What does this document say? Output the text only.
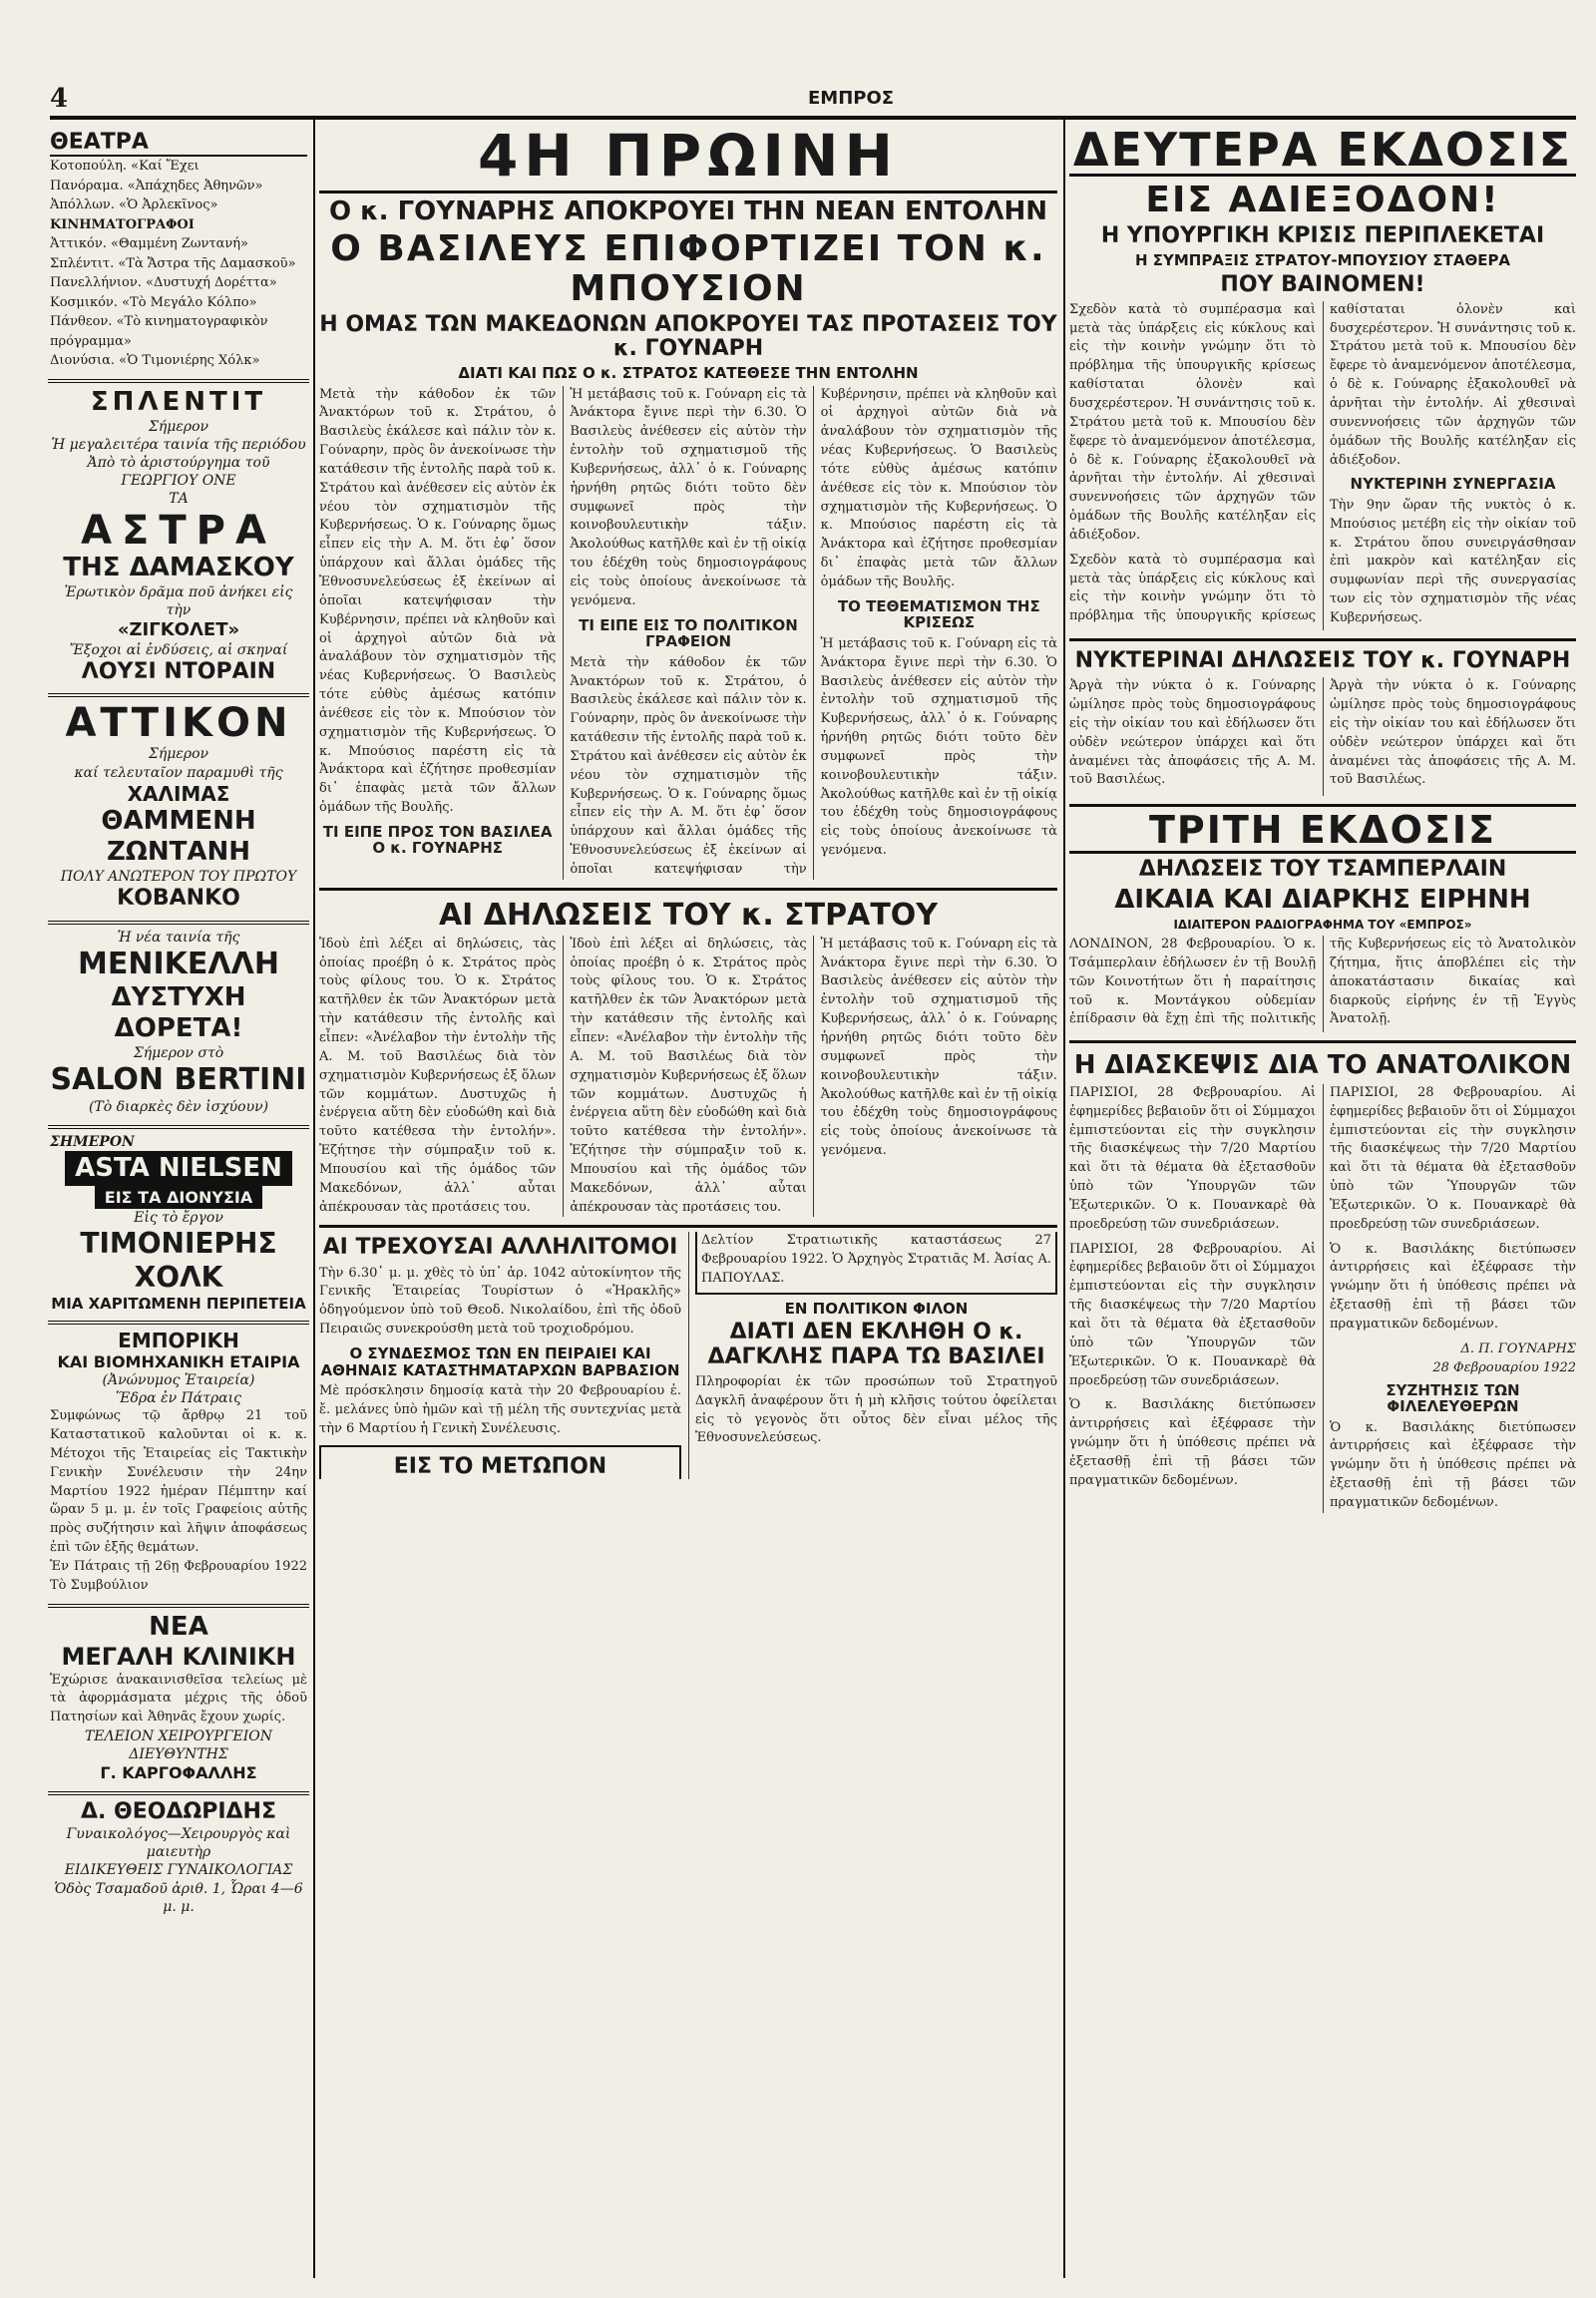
4	ΕΜΠΡΟΣ
ΘΕΑΤΡΑ
Κοτοπούλη. «Καί Ἔχει
Πανόραμα. «Ἀπάχηδες Ἀθηνῶν»
Ἀπόλλων. «Ὁ Ἀρλεκῖνος»
ΚΙΝΗΜΑΤΟΓΡΑΦΟΙ
Ἀττικόν. «Θαμμένη Ζωντανή»
Σπλέντιτ. «Τὰ Ἄστρα τῆς Δαμασκοῦ»
Πανελλήνιον. «Δυστυχή Δορέττα»
Κοσμικόν. «Τὸ Μεγάλο Κόλπο»
Πάνθεον. «Τὸ κινηματογραφικὸν πρόγραμμα»
Διονύσια. «Ὁ Τιμονιέρης Χόλκ»
ΣΠΛΕΝΤΙΤ
Σήμερον
Ἡ μεγαλειτέρα ταινία τῆς περιόδου Ἀπὸ τὸ ἀριστούργημα τοῦ ΓΕΩΡΓΙΟΥ ΟΝΕ
ΤΑ
ΑΣΤΡΑ
ΤΗΣ ΔΑΜΑΣΚΟΥ
Ἐρωτικὸν δρᾶμα ποῦ ἀνήκει εἰς τὴν
«ΖΙΓΚΟΛΕΤ»
Ἔξοχοι αἱ ἐνδύσεις, αἱ σκηναί
ΛΟΥΣΙ ΝΤΟΡΑΙΝ
ΑΤΤΙΚΟΝ
Σήμερον
καί τελευταῖον παραμυθὶ τῆς
ΧΑΛΙΜΑΣ
ΘΑΜΜΕΝΗ ΖΩΝΤΑΝΗ
ΠΟΛΥ ΑΝΩΤΕΡΟΝ ΤΟΥ ΠΡΩΤΟΥ
ΚΟΒΑΝΚΟ
Ἡ νέα ταινία τῆς
ΜΕΝΙΚΕΛΛΗ
ΔΥΣΤΥΧΗ ΔΟΡΕΤΑ!
Σήμερον στὸ
SALON BERTINI
(Τὸ διαρκὲς δὲν ἰσχύουν)
ΣΗΜΕΡΟΝ
ASTA NIELSEN
ΕΙΣ ΤΑ ΔΙΟΝΥΣΙΑ
Εἰς τὸ ἔργον
ΤΙΜΟΝΙΕΡΗΣ ΧΟΛΚ
ΜΙΑ ΧΑΡΙΤΩΜΕΝΗ ΠΕΡΙΠΕΤΕΙΑ
ΕΜΠΟΡΙΚΗ
ΚΑΙ ΒΙΟΜΗΧΑΝΙΚΗ ΕΤΑΙΡΙΑ
(Ἀνώνυμος Ἑταιρεία)
Ἕδρα ἐν Πάτραις
Συμφώνως τῷ ἄρθρῳ 21 τοῦ Καταστατικοῦ καλοῦνται οἱ κ. κ. Μέτοχοι τῆς Ἑταιρείας εἰς Τακτικὴν Γενικὴν Συνέλευσιν τὴν 24ην Μαρτίου 1922 ἡμέραν Πέμπτην καί ὥραν 5 μ. μ. ἐν τοῖς Γραφείοις αὐτῆς πρὸς συζήτησιν καὶ λῆψιν ἀποφάσεως ἐπὶ τῶν ἑξῆς θεμάτων.
Ἐν Πάτραις τῇ 26ῃ Φεβρουαρίου 1922 Τὸ Συμβούλιον
ΝΕΑ
ΜΕΓΑΛΗ ΚΛΙΝΙΚΗ
Ἐχώρισε ἀνακαινισθεῖσα τελείως μὲ τὰ ἀφορμάσματα μέχρις τῆς ὁδοῦ Πατησίων καὶ Ἀθηνᾶς ἔχουν χωρίς.
ΤΕΛΕΙΟΝ ΧΕΙΡΟΥΡΓΕΙΟΝ
ΔΙΕΥΘΥΝΤΗΣ
Γ. ΚΑΡΓΟΦΑΛΛΗΣ
Δ. ΘΕΟΔΩΡΙΔΗΣ
Γυναικολόγος—Χειρουργὸς καὶ μαιευτὴρ
ΕΙΔΙΚΕΥΘΕΙΣ ΓΥΝΑΙΚΟΛΟΓΙΑΣ
Ὁδὸς Τσαμαδοῦ ἀριθ. 1, Ὧραι 4—6 μ. μ.
4Η ΠΡΩΙΝΗ
Ο κ. ΓΟΥΝΑΡΗΣ ΑΠΟΚΡΟΥΕΙ ΤΗΝ ΝΕΑΝ ΕΝΤΟΛΗΝ
Ο ΒΑΣΙΛΕΥΣ ΕΠΙΦΟΡΤΙΖΕΙ ΤΟΝ κ. ΜΠΟΥΣΙΟΝ
Η ΟΜΑΣ ΤΩΝ ΜΑΚΕΔΟΝΩΝ ΑΠΟΚΡΟΥΕΙ ΤΑΣ ΠΡΟΤΑΣΕΙΣ ΤΟΥ κ. ΓΟΥΝΑΡΗ
ΔΙΑΤΙ ΚΑΙ ΠΩΣ Ο κ. ΣΤΡΑΤΟΣ ΚΑΤΕΘΕΣΕ ΤΗΝ ΕΝΤΟΛΗΝ

Μετὰ τὴν κάθοδον ἐκ τῶν Ἀνακτόρων τοῦ κ. Στράτου, ὁ Βασιλεὺς ἐκάλεσε καὶ πάλιν τὸν κ. Γούναρην, πρὸς ὃν ἀνεκοίνωσε τὴν κατάθεσιν τῆς ἐντολῆς παρὰ τοῦ κ. Στράτου καὶ ἀνέθεσεν εἰς αὐτὸν ἐκ νέου τὸν σχηματισμὸν τῆς Κυβερνήσεως. Ὁ κ. Γούναρης ὅμως εἶπεν εἰς τὴν Α. Μ. ὅτι ἐφ᾽ ὅσον ὑπάρχουν καὶ ἄλλαι ὁμάδες τῆς Ἐθνοσυνελεύσεως ἐξ ἐκείνων αἱ ὁποῖαι κατεψήφισαν τὴν Κυβέρνησιν, πρέπει νὰ κληθοῦν καὶ οἱ ἀρχηγοὶ αὐτῶν διὰ νὰ ἀναλάβουν τὸν σχηματισμὸν τῆς νέας Κυβερνήσεως. Ὁ Βασιλεὺς τότε εὐθὺς ἀμέσως κατόπιν ἀνέθεσε εἰς τὸν κ. Μπούσιον τὸν σχηματισμὸν τῆς Κυβερνήσεως. Ὁ κ. Μπούσιος παρέστη εἰς τὰ Ἀνάκτορα καὶ ἐζήτησε προθεσμίαν δι᾽ ἐπαφὰς μετὰ τῶν ἄλλων ὁμάδων τῆς Βουλῆς.

ΤΙ ΕΙΠΕ ΠΡΟΣ ΤΟΝ ΒΑΣΙΛΕΑ Ο κ. ΓΟΥΝΑΡΗΣ

Ἡ μετάβασις τοῦ κ. Γούναρη εἰς τὰ Ἀνάκτορα ἔγινε περὶ τὴν 6.30. Ὁ Βασιλεὺς ἀνέθεσεν εἰς αὐτὸν τὴν ἐντολὴν τοῦ σχηματισμοῦ τῆς Κυβερνήσεως, ἀλλ᾽ ὁ κ. Γούναρης ἠρνήθη ρητῶς διότι τοῦτο δὲν συμφωνεῖ πρὸς τὴν κοινοβουλευτικὴν τάξιν. Ἀκολούθως κατῆλθε καὶ ἐν τῇ οἰκίᾳ του ἐδέχθη τοὺς δημοσιογράφους εἰς τοὺς ὁποίους ἀνεκοίνωσε τὰ γενόμενα.

ΤΙ ΕΙΠΕ ΕΙΣ ΤΟ ΠΟΛΙΤΙΚΟΝ ΓΡΑΦΕΙΟΝ

Μετὰ τὴν κάθοδον ἐκ τῶν Ἀνακτόρων τοῦ κ. Στράτου, ὁ Βασιλεὺς ἐκάλεσε καὶ πάλιν τὸν κ. Γούναρην, πρὸς ὃν ἀνεκοίνωσε τὴν κατάθεσιν τῆς ἐντολῆς παρὰ τοῦ κ. Στράτου καὶ ἀνέθεσεν εἰς αὐτὸν ἐκ νέου τὸν σχηματισμὸν τῆς Κυβερνήσεως. Ὁ κ. Γούναρης ὅμως εἶπεν εἰς τὴν Α. Μ. ὅτι ἐφ᾽ ὅσον ὑπάρχουν καὶ ἄλλαι ὁμάδες τῆς Ἐθνοσυνελεύσεως ἐξ ἐκείνων αἱ ὁποῖαι κατεψήφισαν τὴν Κυβέρνησιν, πρέπει νὰ κληθοῦν καὶ οἱ ἀρχηγοὶ αὐτῶν διὰ νὰ ἀναλάβουν τὸν σχηματισμὸν τῆς νέας Κυβερνήσεως. Ὁ Βασιλεὺς τότε εὐθὺς ἀμέσως κατόπιν ἀνέθεσε εἰς τὸν κ. Μπούσιον τὸν σχηματισμὸν τῆς Κυβερνήσεως. Ὁ κ. Μπούσιος παρέστη εἰς τὰ Ἀνάκτορα καὶ ἐζήτησε προθεσμίαν δι᾽ ἐπαφὰς μετὰ τῶν ἄλλων ὁμάδων τῆς Βουλῆς.

ΤΟ ΤΕΘΕΜΑΤΙΣΜΟΝ ΤΗΣ ΚΡΙΣΕΩΣ

Ἡ μετάβασις τοῦ κ. Γούναρη εἰς τὰ Ἀνάκτορα ἔγινε περὶ τὴν 6.30. Ὁ Βασιλεὺς ἀνέθεσεν εἰς αὐτὸν τὴν ἐντολὴν τοῦ σχηματισμοῦ τῆς Κυβερνήσεως, ἀλλ᾽ ὁ κ. Γούναρης ἠρνήθη ρητῶς διότι τοῦτο δὲν συμφωνεῖ πρὸς τὴν κοινοβουλευτικὴν τάξιν. Ἀκολούθως κατῆλθε καὶ ἐν τῇ οἰκίᾳ του ἐδέχθη τοὺς δημοσιογράφους εἰς τοὺς ὁποίους ἀνεκοίνωσε τὰ γενόμενα.

ΑΙ ΔΗΛΩΣΕΙΣ ΤΟΥ κ. ΣΤΡΑΤΟΥ

Ἰδοὺ ἐπὶ λέξει αἱ δηλώσεις, τὰς ὁποίας προέβη ὁ κ. Στράτος πρὸς τοὺς φίλους του. Ὁ κ. Στράτος κατῆλθεν ἐκ τῶν Ἀνακτόρων μετὰ τὴν κατάθεσιν τῆς ἐντολῆς καὶ εἶπεν: «Ἀνέλαβον τὴν ἐντολὴν τῆς Α. Μ. τοῦ Βασιλέως διὰ τὸν σχηματισμὸν Κυβερνήσεως ἐξ ὅλων τῶν κομμάτων. Δυστυχῶς ἡ ἐνέργεια αὕτη δὲν εὐοδώθη καὶ διὰ τοῦτο κατέθεσα τὴν ἐντολήν». Ἐζήτησε τὴν σύμπραξιν τοῦ κ. Μπουσίου καὶ τῆς ὁμάδος τῶν Μακεδόνων, ἀλλ᾽ αὗται ἀπέκρουσαν τὰς προτάσεις του.

Ἰδοὺ ἐπὶ λέξει αἱ δηλώσεις, τὰς ὁποίας προέβη ὁ κ. Στράτος πρὸς τοὺς φίλους του. Ὁ κ. Στράτος κατῆλθεν ἐκ τῶν Ἀνακτόρων μετὰ τὴν κατάθεσιν τῆς ἐντολῆς καὶ εἶπεν: «Ἀνέλαβον τὴν ἐντολὴν τῆς Α. Μ. τοῦ Βασιλέως διὰ τὸν σχηματισμὸν Κυβερνήσεως ἐξ ὅλων τῶν κομμάτων. Δυστυχῶς ἡ ἐνέργεια αὕτη δὲν εὐοδώθη καὶ διὰ τοῦτο κατέθεσα τὴν ἐντολήν». Ἐζήτησε τὴν σύμπραξιν τοῦ κ. Μπουσίου καὶ τῆς ὁμάδος τῶν Μακεδόνων, ἀλλ᾽ αὗται ἀπέκρουσαν τὰς προτάσεις του.

Ἡ μετάβασις τοῦ κ. Γούναρη εἰς τὰ Ἀνάκτορα ἔγινε περὶ τὴν 6.30. Ὁ Βασιλεὺς ἀνέθεσεν εἰς αὐτὸν τὴν ἐντολὴν τοῦ σχηματισμοῦ τῆς Κυβερνήσεως, ἀλλ᾽ ὁ κ. Γούναρης ἠρνήθη ρητῶς διότι τοῦτο δὲν συμφωνεῖ πρὸς τὴν κοινοβουλευτικὴν τάξιν. Ἀκολούθως κατῆλθε καὶ ἐν τῇ οἰκίᾳ του ἐδέχθη τοὺς δημοσιογράφους εἰς τοὺς ὁποίους ἀνεκοίνωσε τὰ γενόμενα.

ΑΙ ΤΡΕΧΟΥΣΑΙ ΑΛΛΗΛΙΤΟΜΟΙ

Τὴν 6.30᾽ μ. μ. χθὲς τὸ ὑπ᾽ ἀρ. 1042 αὐτοκίνητον τῆς Γενικῆς Ἑταιρείας Τουρίστων ὁ «Ἡρακλῆς» ὁδηγούμενον ὑπὸ τοῦ Θεοδ. Νικολαίδου, ἐπὶ τῆς ὁδοῦ Πειραιῶς συνεκρούσθη μετὰ τοῦ τροχιοδρόμου.

Ο ΣΥΝΔΕΣΜΟΣ ΤΩΝ ΕΝ ΠΕΙΡΑΙΕΙ ΚΑΙ ΑΘΗΝΑΙΣ ΚΑΤΑΣΤΗΜΑΤΑΡΧΩΝ ΒΑΡΒΑΣΙΟΝ

Μὲ πρόσκλησιν δημοσίᾳ κατὰ τὴν 20 Φεβρουαρίου ἐ. ἔ. μελάνες ὑπὸ ἡμῶν καὶ τῇ μέλη τῆς συντεχνίας μετὰ τὴν 6 Μαρτίου ἡ Γενικὴ Συνέλευσις.

ΕΙΣ ΤΟ ΜΕΤΩΠΟΝ

Δελτίον Στρατιωτικῆς καταστάσεως 27 Φεβρουαρίου 1922. Ὁ Ἀρχηγὸς Στρατιᾶς Μ. Ἀσίας Α. ΠΑΠΟΥΛΑΣ.

ΕΝ ΠΟΛΙΤΙΚΟΝ ΦΙΛΟΝ
ΔΙΑΤΙ ΔΕΝ ΕΚΛΗΘΗ Ο κ. ΔΑΓΚΛΗΣ ΠΑΡΑ ΤΩ ΒΑΣΙΛΕΙ

Πληροφορίαι ἐκ τῶν προσώπων τοῦ Στρατηγοῦ Δαγκλῆ ἀναφέρουν ὅτι ἡ μὴ κλῆσις τούτου ὀφείλεται εἰς τὸ γεγονὸς ὅτι οὗτος δὲν εἶναι μέλος τῆς Ἐθνοσυνελεύσεως.

ΔΕΥΤΕΡΑ ΕΚΔΟΣΙΣ
ΕΙΣ ΑΔΙΕΞΟΔΟΝ!
Η ΥΠΟΥΡΓΙΚΗ ΚΡΙΣΙΣ ΠΕΡΙΠΛΕΚΕΤΑΙ
Η ΣΥΜΠΡΑΞΙΣ ΣΤΡΑΤΟΥ-ΜΠΟΥΣΙΟΥ ΣΤΑΘΕΡΑ
ΠΟΥ ΒΑΙΝΟΜΕΝ!

Σχεδὸν κατὰ τὸ συμπέρασμα καὶ μετὰ τὰς ὑπάρξεις εἰς κύκλους καὶ εἰς τὴν κοινὴν γνώμην ὅτι τὸ πρόβλημα τῆς ὑπουργικῆς κρίσεως καθίσταται ὁλονὲν καὶ δυσχερέστερον. Ἡ συνάντησις τοῦ κ. Στράτου μετὰ τοῦ κ. Μπουσίου δὲν ἔφερε τὸ ἀναμενόμενον ἀποτέλεσμα, ὁ δὲ κ. Γούναρης ἐξακολουθεῖ νὰ ἀρνῆται τὴν ἐντολήν. Αἱ χθεσιναὶ συνεννοήσεις τῶν ἀρχηγῶν τῶν ὁμάδων τῆς Βουλῆς κατέληξαν εἰς ἀδιέξοδον.

Σχεδὸν κατὰ τὸ συμπέρασμα καὶ μετὰ τὰς ὑπάρξεις εἰς κύκλους καὶ εἰς τὴν κοινὴν γνώμην ὅτι τὸ πρόβλημα τῆς ὑπουργικῆς κρίσεως καθίσταται ὁλονὲν καὶ δυσχερέστερον. Ἡ συνάντησις τοῦ κ. Στράτου μετὰ τοῦ κ. Μπουσίου δὲν ἔφερε τὸ ἀναμενόμενον ἀποτέλεσμα, ὁ δὲ κ. Γούναρης ἐξακολουθεῖ νὰ ἀρνῆται τὴν ἐντολήν. Αἱ χθεσιναὶ συνεννοήσεις τῶν ἀρχηγῶν τῶν ὁμάδων τῆς Βουλῆς κατέληξαν εἰς ἀδιέξοδον.

ΝΥΚΤΕΡΙΝΗ ΣΥΝΕΡΓΑΣΙΑ

Τὴν 9ην ὥραν τῆς νυκτὸς ὁ κ. Μπούσιος μετέβη εἰς τὴν οἰκίαν τοῦ κ. Στράτου ὅπου συνειργάσθησαν ἐπὶ μακρὸν καὶ κατέληξαν εἰς συμφωνίαν περὶ τῆς συνεργασίας των εἰς τὸν σχηματισμὸν τῆς νέας Κυβερνήσεως.

ΝΥΚΤΕΡΙΝΑΙ ΔΗΛΩΣΕΙΣ ΤΟΥ κ. ΓΟΥΝΑΡΗ

Ἀργὰ τὴν νύκτα ὁ κ. Γούναρης ὡμίλησε πρὸς τοὺς δημοσιογράφους εἰς τὴν οἰκίαν του καὶ ἐδήλωσεν ὅτι οὐδὲν νεώτερον ὑπάρχει καὶ ὅτι ἀναμένει τὰς ἀποφάσεις τῆς Α. Μ. τοῦ Βασιλέως.

Ἀργὰ τὴν νύκτα ὁ κ. Γούναρης ὡμίλησε πρὸς τοὺς δημοσιογράφους εἰς τὴν οἰκίαν του καὶ ἐδήλωσεν ὅτι οὐδὲν νεώτερον ὑπάρχει καὶ ὅτι ἀναμένει τὰς ἀποφάσεις τῆς Α. Μ. τοῦ Βασιλέως.

ΤΡΙΤΗ ΕΚΔΟΣΙΣ
ΔΗΛΩΣΕΙΣ ΤΟΥ ΤΣΑΜΠΕΡΛΑΙΝ
ΔΙΚΑΙΑ ΚΑΙ ΔΙΑΡΚΗΣ ΕΙΡΗΝΗ
ΙΔΙΑΙΤΕΡΟΝ ΡΑΔΙΟΓΡΑΦΗΜΑ ΤΟΥ «ΕΜΠΡΟΣ»

ΛΟΝΔΙΝΟΝ, 28 Φεβρουαρίου. Ὁ κ. Τσάμπερλαιν ἐδήλωσεν ἐν τῇ Βουλῇ τῶν Κοινοτήτων ὅτι ἡ παραίτησις τοῦ κ. Μοντάγκου οὐδεμίαν ἐπίδρασιν θὰ ἔχῃ ἐπὶ τῆς πολιτικῆς τῆς Κυβερνήσεως εἰς τὸ Ἀνατολικὸν ζήτημα, ἥτις ἀποβλέπει εἰς τὴν ἀποκατάστασιν δικαίας καὶ διαρκοῦς εἰρήνης ἐν τῇ Ἐγγὺς Ἀνατολῇ.

Η ΔΙΑΣΚΕΨΙΣ ΔΙΑ ΤΟ ΑΝΑΤΟΛΙΚΟΝ

ΠΑΡΙΣΙΟΙ, 28 Φεβρουαρίου. Αἱ ἐφημερίδες βεβαιοῦν ὅτι οἱ Σύμμαχοι ἐμπιστεύονται εἰς τὴν συγκλησιν τῆς διασκέψεως τὴν 7/20 Μαρτίου καὶ ὅτι τὰ θέματα θὰ ἐξετασθοῦν ὑπὸ τῶν Ὑπουργῶν τῶν Ἐξωτερικῶν. Ὁ κ. Πουανκαρὲ θὰ προεδρεύσῃ τῶν συνεδριάσεων.

ΠΑΡΙΣΙΟΙ, 28 Φεβρουαρίου. Αἱ ἐφημερίδες βεβαιοῦν ὅτι οἱ Σύμμαχοι ἐμπιστεύονται εἰς τὴν συγκλησιν τῆς διασκέψεως τὴν 7/20 Μαρτίου καὶ ὅτι τὰ θέματα θὰ ἐξετασθοῦν ὑπὸ τῶν Ὑπουργῶν τῶν Ἐξωτερικῶν. Ὁ κ. Πουανκαρὲ θὰ προεδρεύσῃ τῶν συνεδριάσεων.

Ὁ κ. Βασιλάκης διετύπωσεν ἀντιρρήσεις καὶ ἐξέφρασε τὴν γνώμην ὅτι ἡ ὑπόθεσις πρέπει νὰ ἐξετασθῇ ἐπὶ τῇ βάσει τῶν πραγματικῶν δεδομένων.

ΠΑΡΙΣΙΟΙ, 28 Φεβρουαρίου. Αἱ ἐφημερίδες βεβαιοῦν ὅτι οἱ Σύμμαχοι ἐμπιστεύονται εἰς τὴν συγκλησιν τῆς διασκέψεως τὴν 7/20 Μαρτίου καὶ ὅτι τὰ θέματα θὰ ἐξετασθοῦν ὑπὸ τῶν Ὑπουργῶν τῶν Ἐξωτερικῶν. Ὁ κ. Πουανκαρὲ θὰ προεδρεύσῃ τῶν συνεδριάσεων.

Ὁ κ. Βασιλάκης διετύπωσεν ἀντιρρήσεις καὶ ἐξέφρασε τὴν γνώμην ὅτι ἡ ὑπόθεσις πρέπει νὰ ἐξετασθῇ ἐπὶ τῇ βάσει τῶν πραγματικῶν δεδομένων.

Δ. Π. ΓΟΥΝΑΡΗΣ
28 Φεβρουαρίου 1922
ΣΥΖΗΤΗΣΙΣ ΤΩΝ ΦΙΛΕΛΕΥΘΕΡΩΝ

Ὁ κ. Βασιλάκης διετύπωσεν ἀντιρρήσεις καὶ ἐξέφρασε τὴν γνώμην ὅτι ἡ ὑπόθεσις πρέπει νὰ ἐξετασθῇ ἐπὶ τῇ βάσει τῶν πραγματικῶν δεδομένων.
